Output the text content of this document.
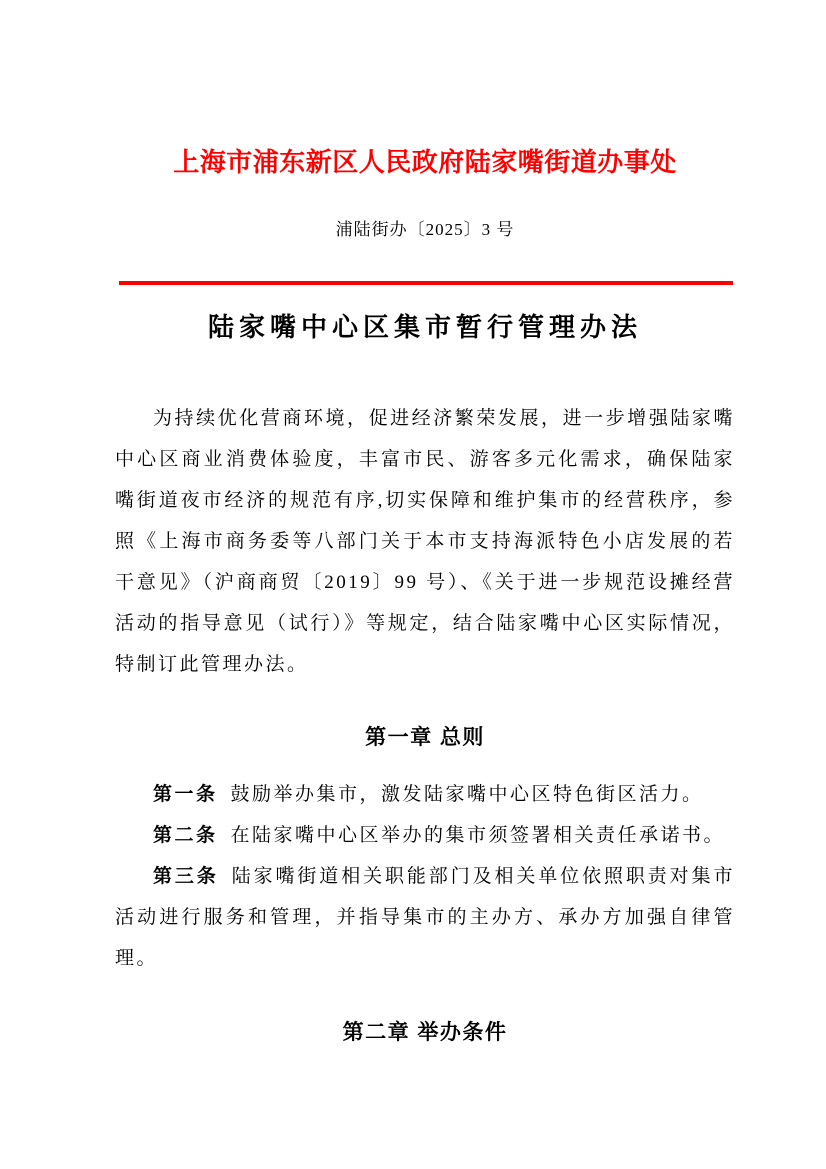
上海市浦东新区人民政府陆家嘴街道办事处

浦陆街办〔2025〕3 号

陆家嘴中心区集市暂行管理办法

为持续优化营商环境，促进经济繁荣发展，进一步增强陆家嘴中心区商业消费体验度，丰富市民、游客多元化需求，确保陆家嘴街道夜市经济的规范有序,切实保障和维护集市的经营秩序，参照《上海市商务委等八部门关于本市支持海派特色小店发展的若干意见》（沪商商贸〔2019〕99 号）、《关于进一步规范设摊经营活动的指导意见（试行）》等规定，结合陆家嘴中心区实际情况，特制订此管理办法。

第一章 总则

第一条 鼓励举办集市，激发陆家嘴中心区特色街区活力。

第二条 在陆家嘴中心区举办的集市须签署相关责任承诺书。

第三条 陆家嘴街道相关职能部门及相关单位依照职责对集市活动进行服务和管理，并指导集市的主办方、承办方加强自律管理。

第二章 举办条件
